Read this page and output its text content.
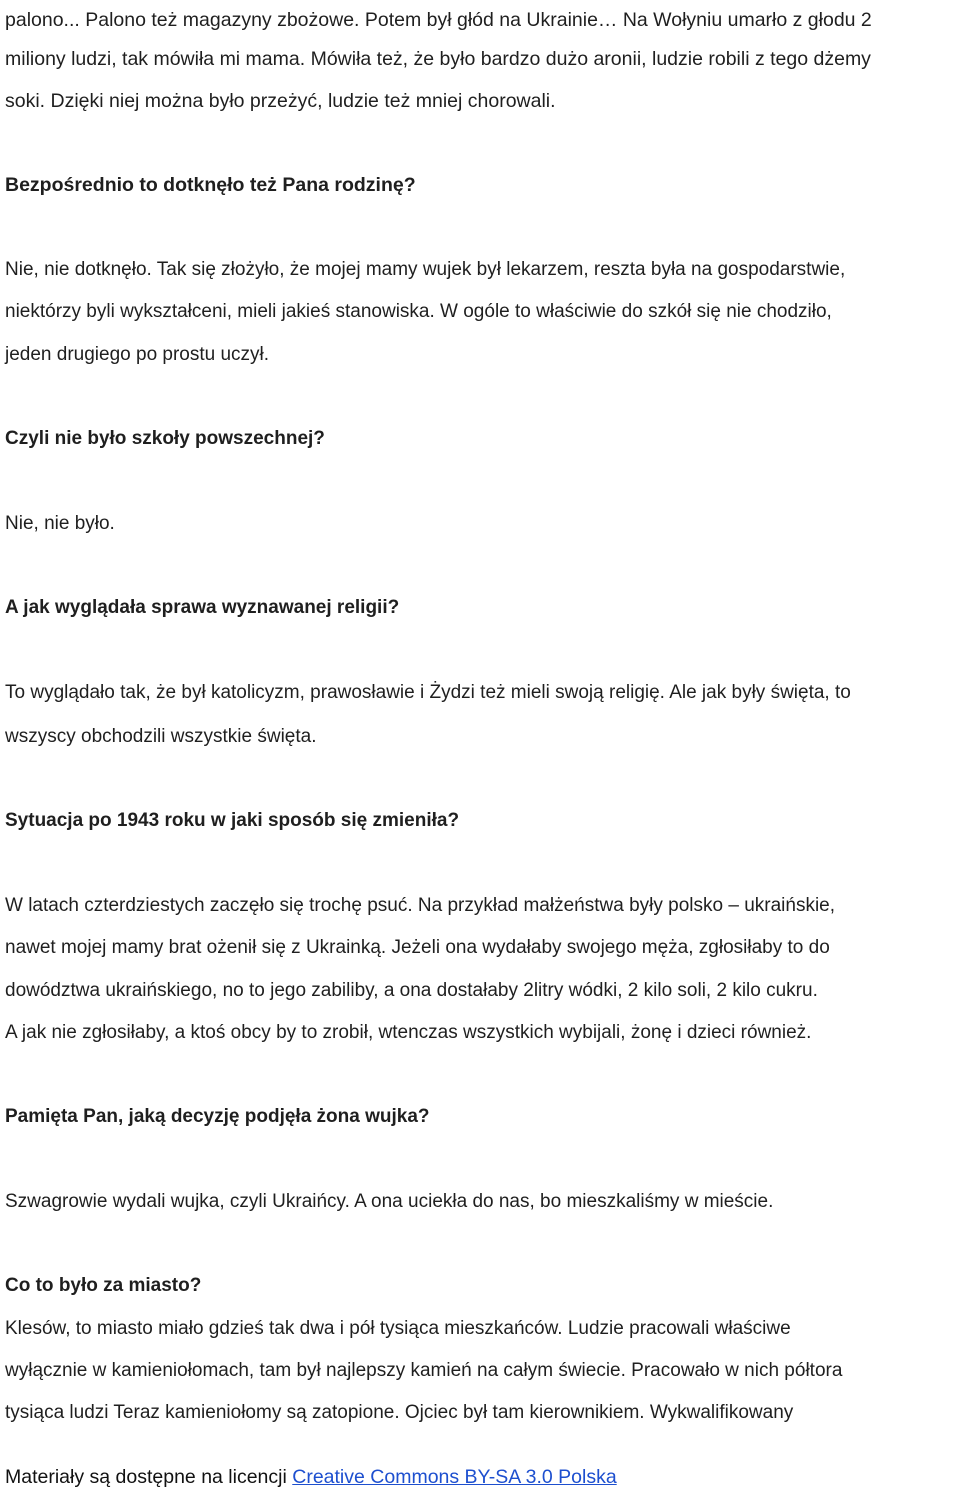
palono... Palono też magazyny zbożowe. Potem był głód na Ukrainie… Na Wołyniu umarło z głodu 2
miliony ludzi, tak mówiła mi mama. Mówiła też, że było bardzo dużo aronii, ludzie robili z tego dżemy
soki. Dzięki niej można było przeżyć, ludzie też mniej chorowali.
Bezpośrednio to dotknęło też Pana rodzinę?
Nie, nie dotknęło. Tak się złożyło, że mojej mamy wujek był lekarzem, reszta była na gospodarstwie,
niektórzy byli wykształceni, mieli jakieś stanowiska. W ogóle to właściwie do szkół się nie chodziło,
jeden drugiego po prostu uczył.
Czyli nie było szkoły powszechnej?
Nie, nie było.
A jak wyglądała sprawa wyznawanej religii?
To wyglądało tak, że był katolicyzm, prawosławie i Żydzi też mieli swoją religię. Ale jak były święta, to
wszyscy obchodzili wszystkie święta.
Sytuacja po 1943 roku w jaki sposób się zmieniła?
W latach czterdziestych zaczęło się trochę psuć. Na przykład małżeństwa były polsko – ukraińskie,
nawet mojej mamy brat ożenił się z Ukrainką. Jeżeli ona wydałaby swojego męża, zgłosiłaby to do
dowództwa ukraińskiego, no to jego zabiliby, a ona dostałaby 2litry wódki, 2 kilo soli, 2 kilo cukru.
A jak nie zgłosiłaby, a ktoś obcy by to zrobił, wtenczas wszystkich wybijali, żonę i dzieci również.
Pamięta Pan, jaką decyzję podjęła żona wujka?
Szwagrowie wydali wujka, czyli Ukraińcy. A ona uciekła do nas, bo mieszkaliśmy w mieście.
Co to było za miasto?
Klesów, to miasto miało gdzieś tak dwa i pół tysiąca mieszkańców. Ludzie pracowali właściwe
wyłącznie w kamieniołomach, tam był najlepszy kamień na całym świecie. Pracowało w nich półtora
tysiąca ludzi Teraz kamieniołomy są zatopione. Ojciec był tam kierownikiem. Wykwalifikowany
Materiały są dostępne na licencji Creative Commons BY-SA 3.0 Polska
